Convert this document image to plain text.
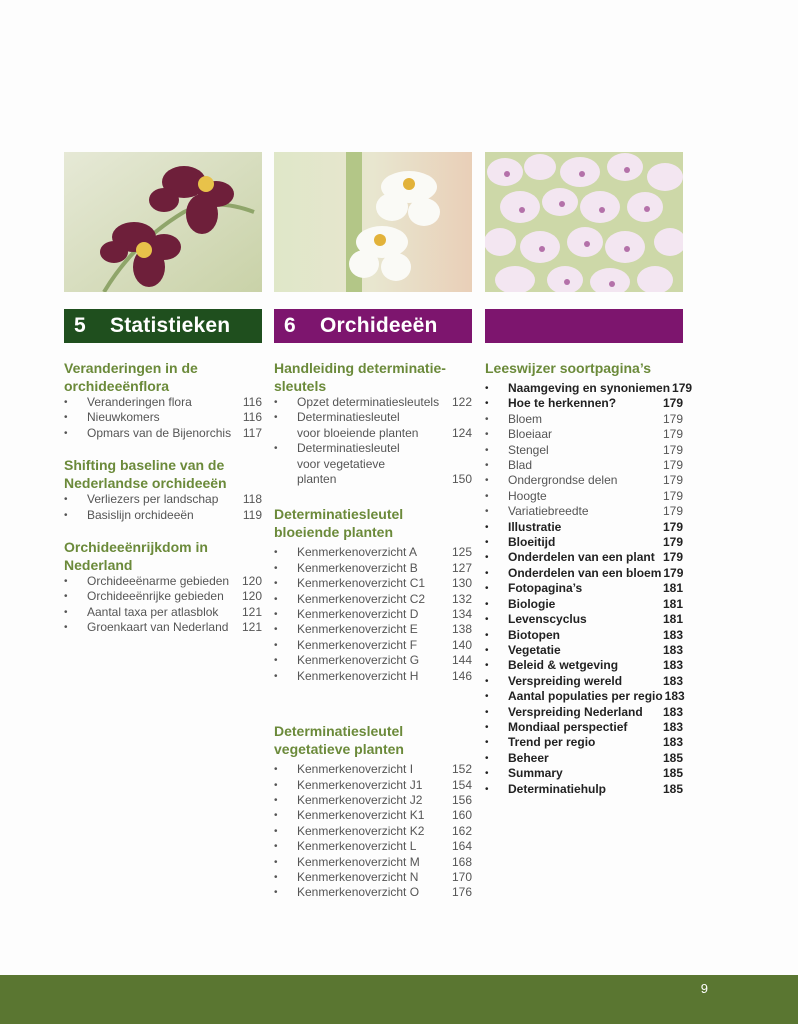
5	Statistieken
Veranderingen in de orchideeënflora
•	Veranderingen flora	116
•	Nieuwkomers	116
•	Opmars van de Bijenorchis 117
Shifting baseline van de Nederlandse orchideeën
•	Verliezers per landschap	118
•	Basislijn orchideeën	119
Orchideeënrijkdom in Nederland
•	Orchideeënarme gebieden	120
•	Orchideeënrijke gebieden	120
•	Aantal taxa per atlasblok	121
•	Groenkaart van Nederland	121
6	Orchideeën
Handleiding determinatie-sleutels
•	Opzet determinatiesleutels	122
•	Determinatiesleutel voor bloeiende planten	124
•	Determinatiesleutel voor vegetatieve planten	150
Determinatiesleutel bloeiende planten
•	Kenmerkenoverzicht A	125
•	Kenmerkenoverzicht B	127
•	Kenmerkenoverzicht C1	130
•	Kenmerkenoverzicht C2	132
•	Kenmerkenoverzicht D	134
•	Kenmerkenoverzicht E	138
•	Kenmerkenoverzicht F	140
•	Kenmerkenoverzicht G	144
•	Kenmerkenoverzicht H	146
Determinatiesleutel vegetatieve planten
•	Kenmerkenoverzicht I	152
•	Kenmerkenoverzicht J1	154
•	Kenmerkenoverzicht J2	156
•	Kenmerkenoverzicht K1	160
•	Kenmerkenoverzicht K2	162
•	Kenmerkenoverzicht L	164
•	Kenmerkenoverzicht M	168
•	Kenmerkenoverzicht N	170
•	Kenmerkenoverzicht O	176
Leeswijzer soortpagina’s
•	Naamgeving en synoniemen 179
•	Hoe te herkennen?	179
•	Bloem	179
•	Bloeiaar	179
•	Stengel	179
•	Blad	179
•	Ondergrondse delen	179
•	Hoogte	179
•	Variatiebreedte	179
•	Illustratie	179
•	Bloeitijd	179
•	Onderdelen van een plant 179
•	Onderdelen van een bloem 179
•	Fotopagina’s	181
•	Biologie	181
•	Levenscyclus	181
•	Biotopen	183
•	Vegetatie	183
•	Beleid & wetgeving	183
•	Verspreiding wereld	183
•	Aantal populaties per regio 183
•	Verspreiding Nederland	183
•	Mondiaal perspectief	183
•	Trend per regio	183
•	Beheer	185
•	Summary	185
•	Determinatiehulp	185
9
